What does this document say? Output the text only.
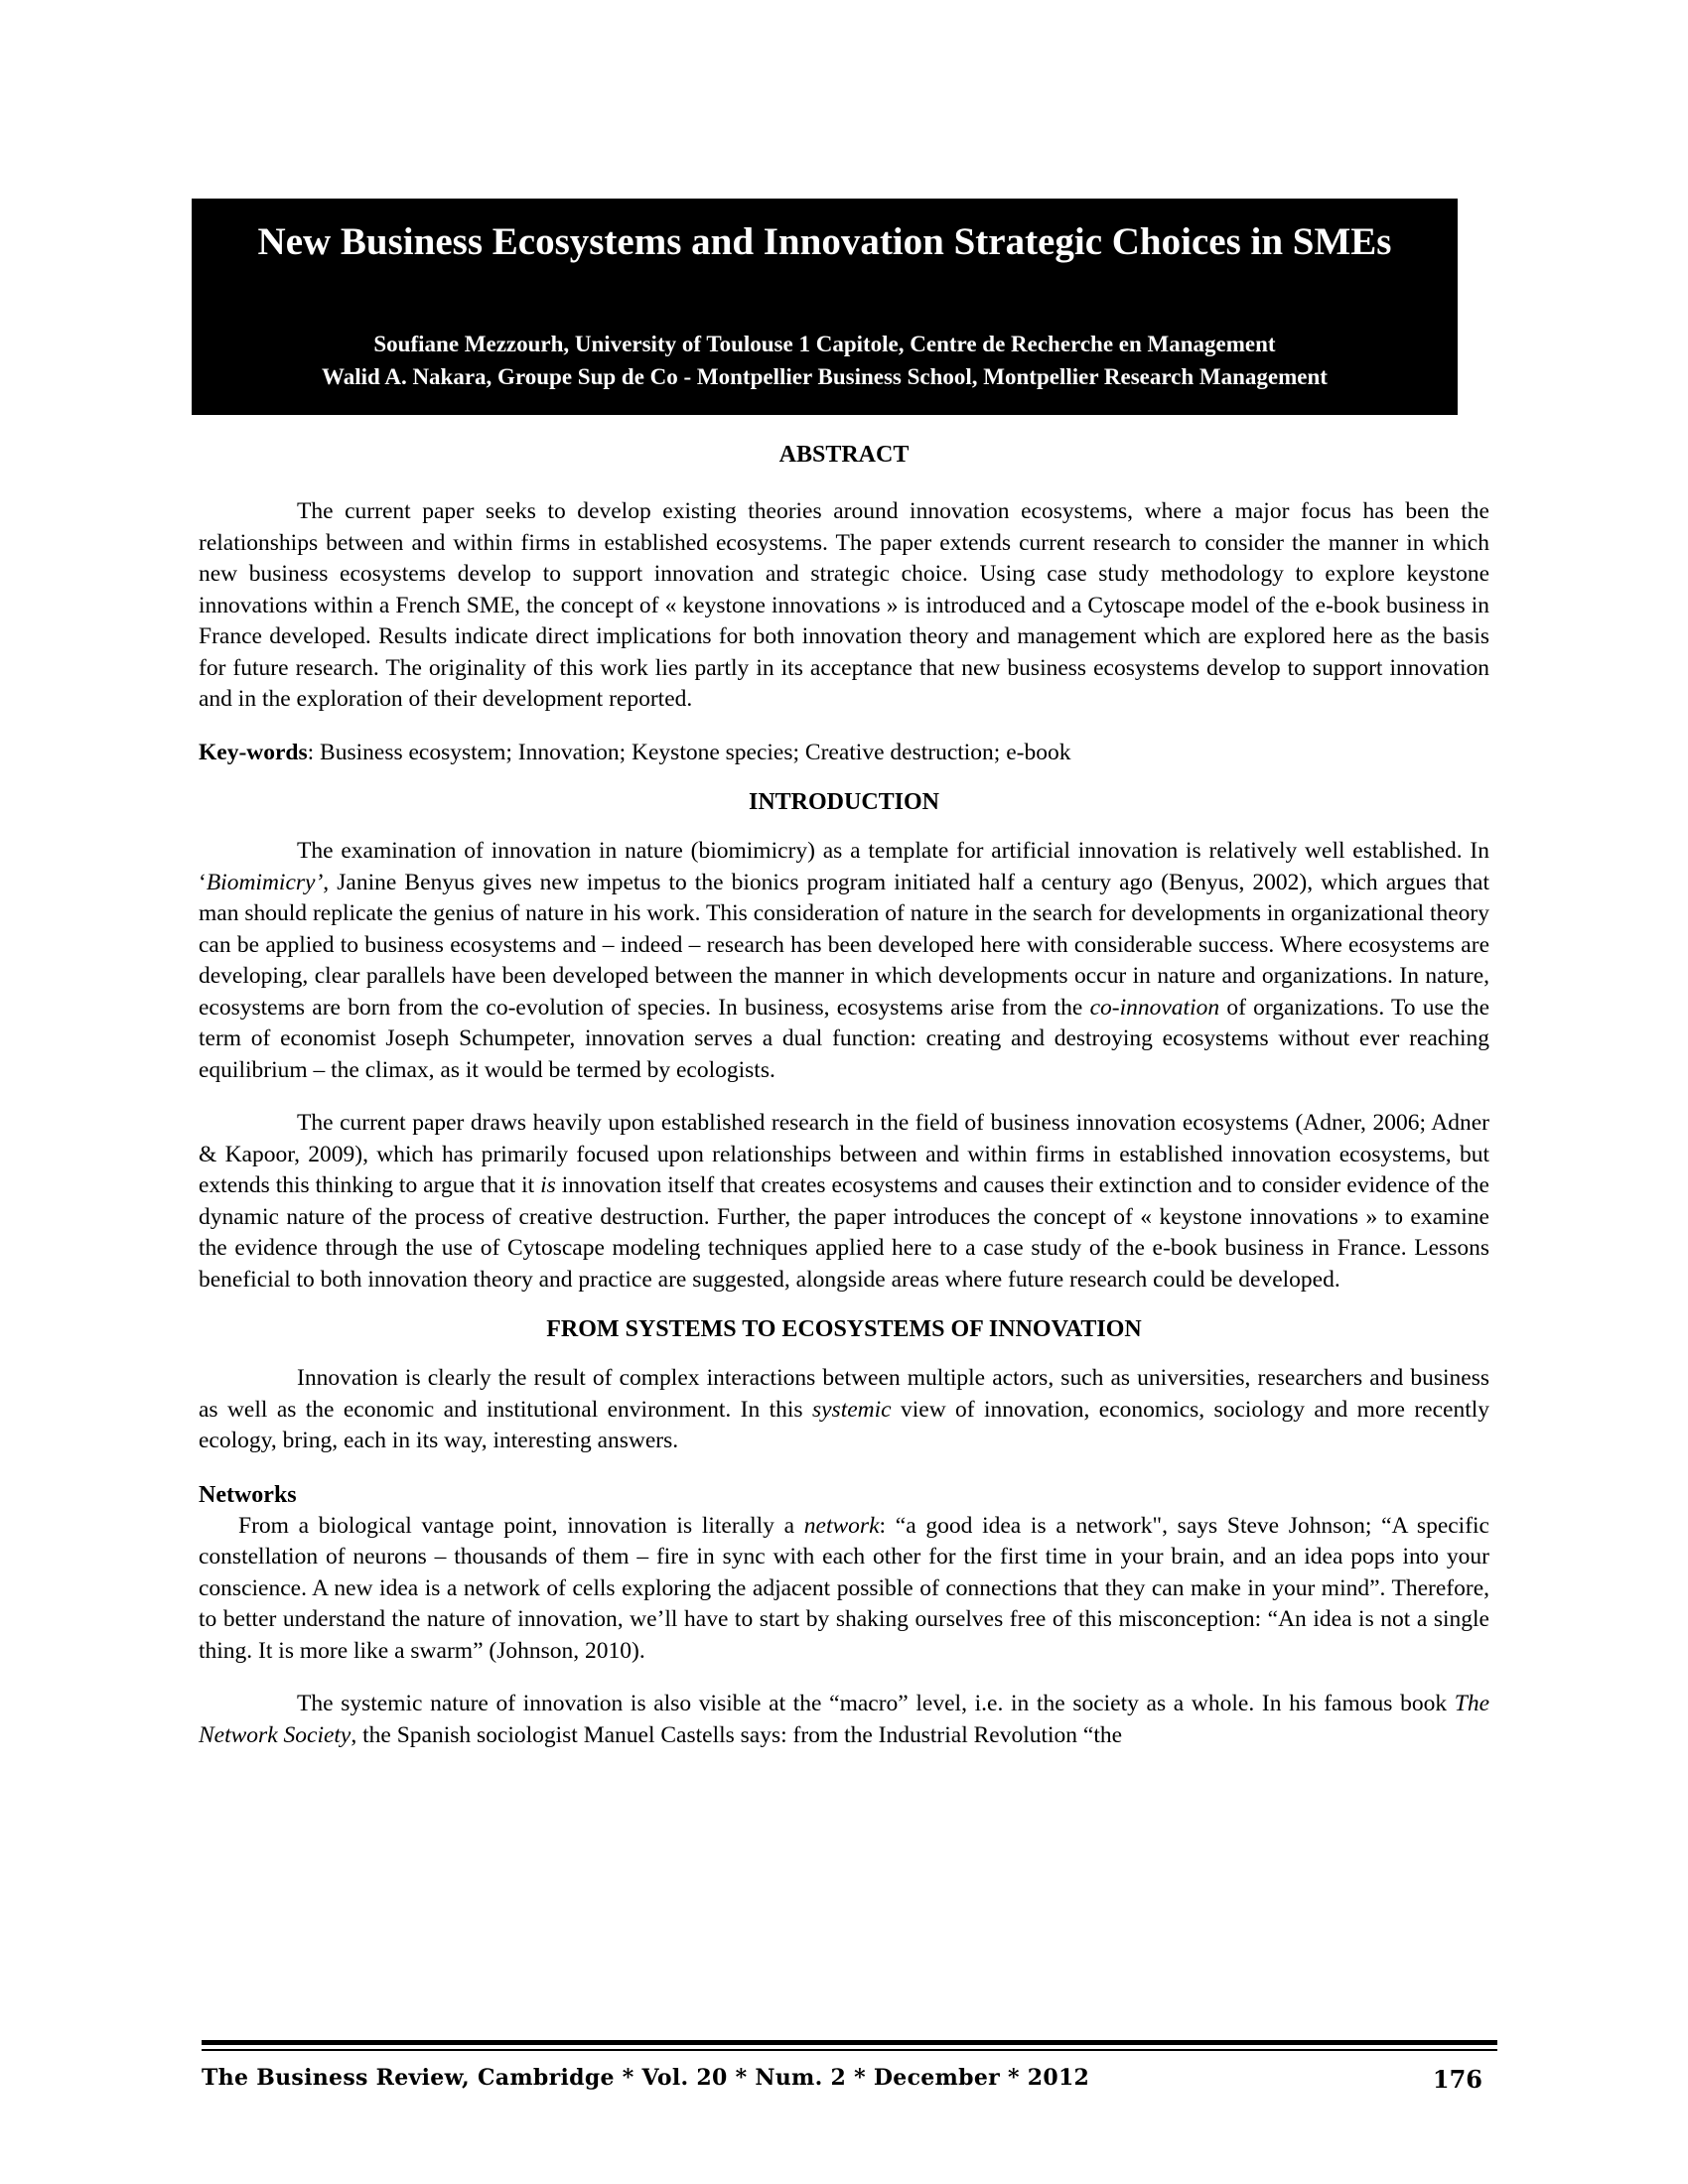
New Business Ecosystems and Innovation Strategic Choices in SMEs
Soufiane Mezzourh, University of Toulouse 1 Capitole, Centre de Recherche en Management
Walid A. Nakara, Groupe Sup de Co - Montpellier Business School, Montpellier Research Management
ABSTRACT

The current paper seeks to develop existing theories around innovation ecosystems, where a major focus has been the relationships between and within firms in established ecosystems. The paper extends current research to consider the manner in which new business ecosystems develop to support innovation and strategic choice. Using case study methodology to explore keystone innovations within a French SME, the concept of « keystone innovations » is introduced and a Cytoscape model of the e-book business in France developed. Results indicate direct implications for both innovation theory and management which are explored here as the basis for future research. The originality of this work lies partly in its acceptance that new business ecosystems develop to support innovation and in the exploration of their development reported.

Key-words: Business ecosystem; Innovation; Keystone species; Creative destruction; e-book

INTRODUCTION

The examination of innovation in nature (biomimicry) as a template for artificial innovation is relatively well established. In ‘Biomimicry’, Janine Benyus gives new impetus to the bionics program initiated half a century ago (Benyus, 2002), which argues that man should replicate the genius of nature in his work. This consideration of nature in the search for developments in organizational theory can be applied to business ecosystems and – indeed – research has been developed here with considerable success. Where ecosystems are developing, clear parallels have been developed between the manner in which developments occur in nature and organizations. In nature, ecosystems are born from the co-evolution of species. In business, ecosystems arise from the co-innovation of organizations. To use the term of economist Joseph Schumpeter, innovation serves a dual function: creating and destroying ecosystems without ever reaching equilibrium – the climax, as it would be termed by ecologists.

The current paper draws heavily upon established research in the field of business innovation ecosystems (Adner, 2006; Adner & Kapoor, 2009), which has primarily focused upon relationships between and within firms in established innovation ecosystems, but extends this thinking to argue that it is innovation itself that creates ecosystems and causes their extinction and to consider evidence of the dynamic nature of the process of creative destruction. Further, the paper introduces the concept of « keystone innovations » to examine the evidence through the use of Cytoscape modeling techniques applied here to a case study of the e-book business in France. Lessons beneficial to both innovation theory and practice are suggested, alongside areas where future research could be developed.

FROM SYSTEMS TO ECOSYSTEMS OF INNOVATION

Innovation is clearly the result of complex interactions between multiple actors, such as universities, researchers and business as well as the economic and institutional environment. In this systemic view of innovation, economics, sociology and more recently ecology, bring, each in its way, interesting answers.

Networks

From a biological vantage point, innovation is literally a network: “a good idea is a network", says Steve Johnson; “A specific constellation of neurons – thousands of them – fire in sync with each other for the first time in your brain, and an idea pops into your conscience. A new idea is a network of cells exploring the adjacent possible of connections that they can make in your mind”. Therefore, to better understand the nature of innovation, we’ll have to start by shaking ourselves free of this misconception: “An idea is not a single thing. It is more like a swarm” (Johnson, 2010).

The systemic nature of innovation is also visible at the “macro” level, i.e. in the society as a whole. In his famous book The Network Society, the Spanish sociologist Manuel Castells says: from the Industrial Revolution “the

The Business Review, Cambridge * Vol. 20 * Num. 2 * December * 2012	176
